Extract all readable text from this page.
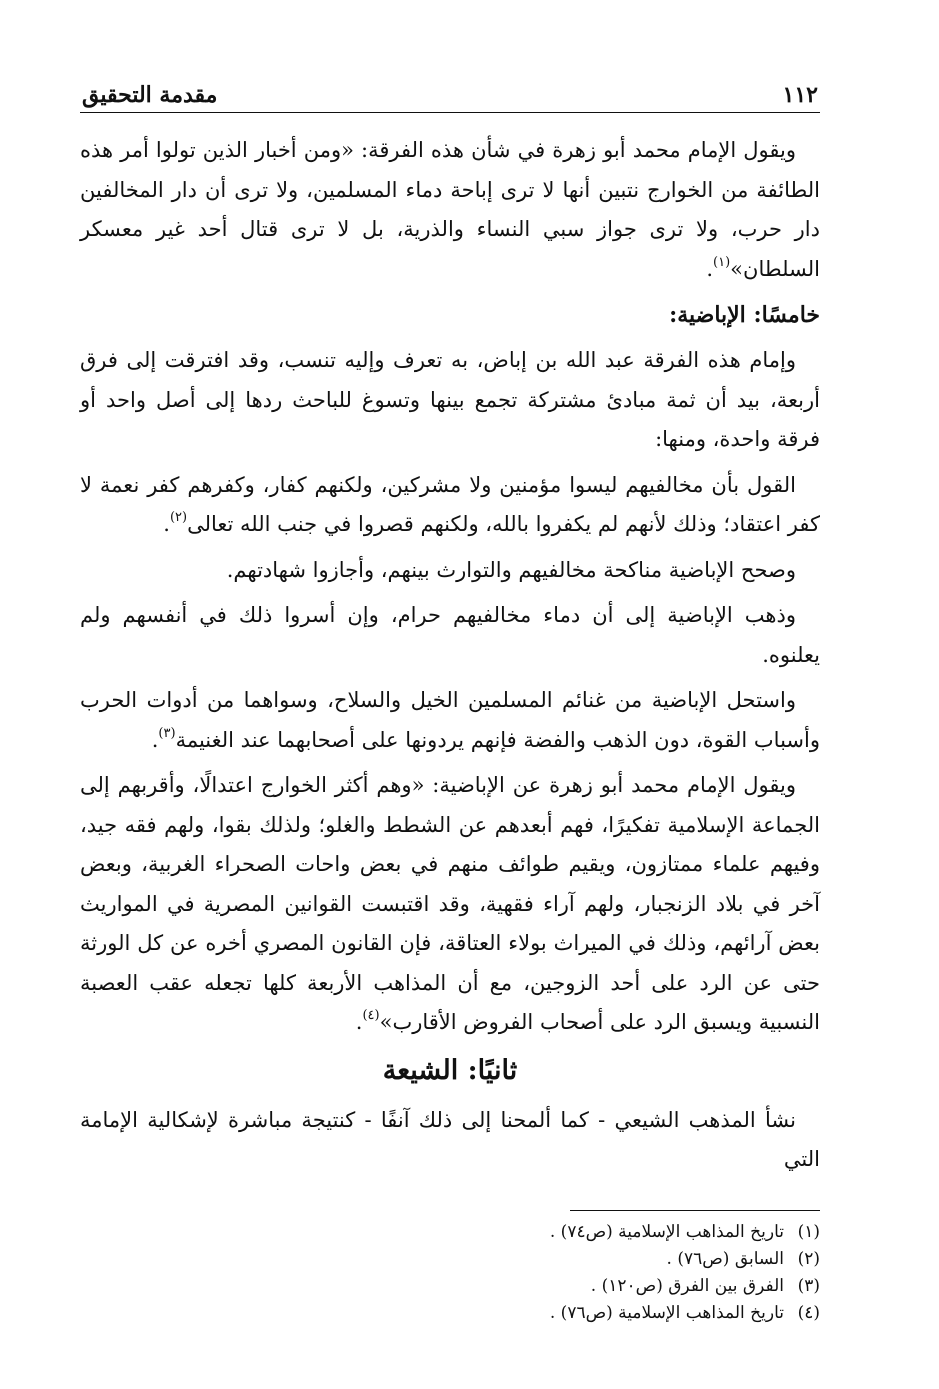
١١٢
مقدمة التحقيق

ويقول الإمام محمد أبو زهرة في شأن هذه الفرقة: «ومن أخبار الذين تولوا أمر هذه الطائفة من الخوارج نتبين أنها لا ترى إباحة دماء المسلمين، ولا ترى أن دار المخالفين دار حرب، ولا ترى جواز سبي النساء والذرية، بل لا ترى قتال أحد غير معسكر السلطان»$^{(١)}$.

خامسًا: الإباضية:

وإمام هذه الفرقة عبد الله بن إباض، به تعرف وإليه تنسب، وقد افترقت إلى فرق أربعة، بيد أن ثمة مبادئ مشتركة تجمع بينها وتسوغ للباحث ردها إلى أصل واحد أو فرقة واحدة، ومنها:

القول بأن مخالفيهم ليسوا مؤمنين ولا مشركين، ولكنهم كفار، وكفرهم كفر نعمة لا كفر اعتقاد؛ وذلك لأنهم لم يكفروا بالله، ولكنهم قصروا في جنب الله تعالى$^{(٢)}$.

وصحح الإباضية مناكحة مخالفيهم والتوارث بينهم، وأجازوا شهادتهم.

وذهب الإباضية إلى أن دماء مخالفيهم حرام، وإن أسروا ذلك في أنفسهم ولم يعلنوه.

واستحل الإباضية من غنائم المسلمين الخيل والسلاح، وسواهما من أدوات الحرب وأسباب القوة، دون الذهب والفضة فإنهم يردونها على أصحابهما عند الغنيمة$^{(٣)}$.

ويقول الإمام محمد أبو زهرة عن الإباضية: «وهم أكثر الخوارج اعتدالًا، وأقربهم إلى الجماعة الإسلامية تفكيرًا، فهم أبعدهم عن الشطط والغلو؛ ولذلك بقوا، ولهم فقه جيد، وفيهم علماء ممتازون، ويقيم طوائف منهم في بعض واحات الصحراء الغربية، وبعض آخر في بلاد الزنجبار، ولهم آراء فقهية، وقد اقتبست القوانين المصرية في المواريث بعض آرائهم، وذلك في الميراث بولاء العتاقة، فإن القانون المصري أخره عن كل الورثة حتى عن الرد على أحد الزوجين، مع أن المذاهب الأربعة كلها تجعله عقب العصبة النسبية ويسبق الرد على أصحاب الفروض الأقارب»$^{(٤)}$.

ثانيًا: الشيعة

نشأ المذهب الشيعي - كما ألمحنا إلى ذلك آنفًا - كنتيجة مباشرة لإشكالية الإمامة التي

(١)
تاريخ المذاهب الإسلامية (ص٧٤) .
(٢)
السابق (ص٧٦) .
(٣)
الفرق بين الفرق (ص١٢٠) .
(٤)
تاريخ المذاهب الإسلامية (ص٧٦) .
